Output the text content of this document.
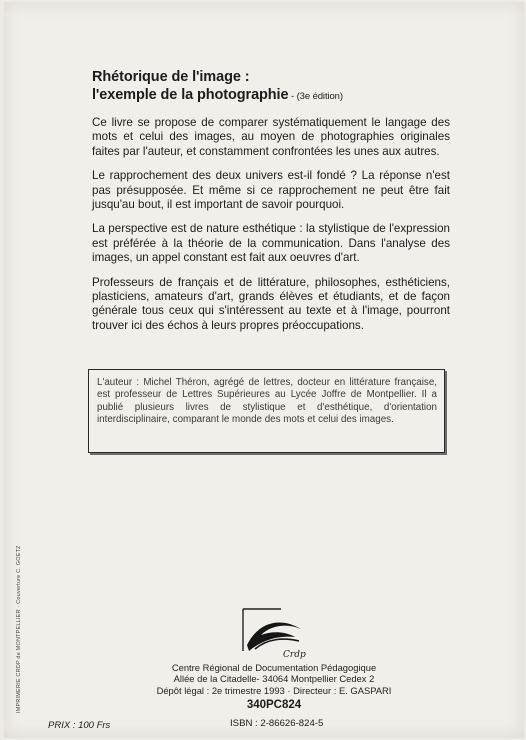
Rhétorique de l'image :
l'exemple de la photographie - (3e édition)

Ce livre se propose de comparer systématiquement le langage des mots et celui des images, au moyen de photographies originales faites par l'auteur, et constamment confrontées les unes aux autres.

Le rapprochement des deux univers est-il fondé ? La réponse n'est pas présupposée. Et même si ce rapprochement ne peut être fait jusqu'au bout, il est important de savoir pourquoi.

La perspective est de nature esthétique : la stylistique de l'expression est préférée à la théorie de la communication. Dans l'analyse des images, un appel constant est fait aux oeuvres d'art.

Professeurs de français et de littérature, philosophes, esthéticiens, plasticiens, amateurs d'art, grands élèves et étudiants, et de façon générale tous ceux qui s'intéressent au texte et à l'image, pourront trouver ici des échos à leurs propres préoccupations.

L'auteur : Michel Théron, agrégé de lettres, docteur en littérature française, est professeur de Lettres Supérieures au Lycée Joffre de Montpellier. Il a publié plusieurs livres de stylistique et d'esthétique, d'orientation interdisciplinaire, comparant le monde des mots et celui des images.
Crdp
Centre Régional de Documentation Pédagogique
Allée de la Citadelle- 34064 Montpellier Cedex 2
Dépôt légal : 2e trimestre 1993 · Directeur : E. GASPARI
340PC824
ISBN : 2-86626-824-5
PRIX : 100 Frs
IMPRIMERIE CRDP de MONTPELLIER · Couverture C. GOETZ
